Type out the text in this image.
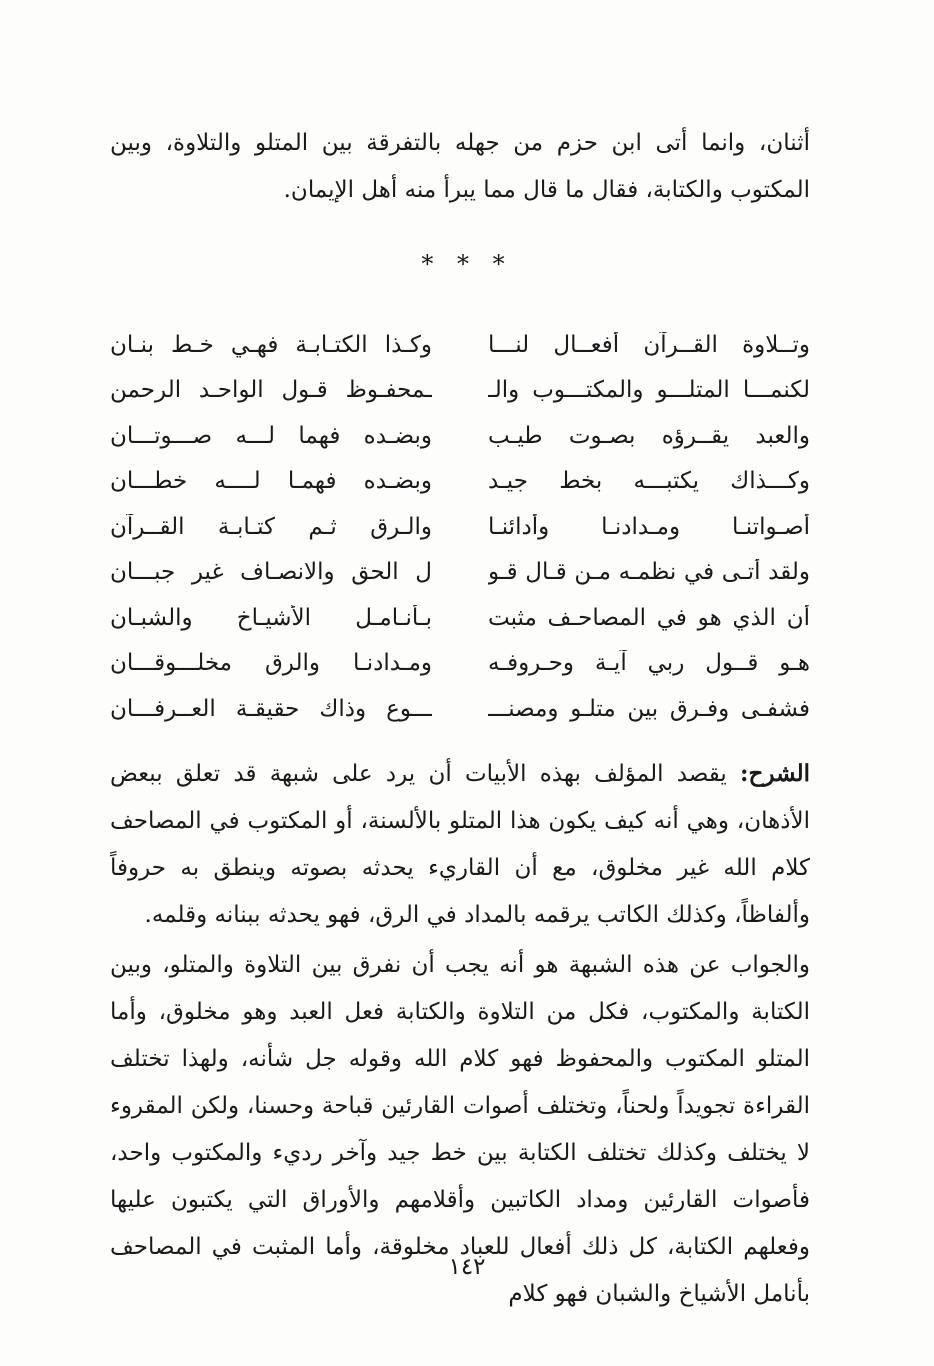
أثنان، وانما أتى ابن حزم من جهله بالتفرقة بين المتلو والتلاوة، وبين المكتوب والكتابة، فقال ما قال مما يبرأ منه أهل الإيمان.
* * *
وتــلاوة القــرآن أفعــال لنـــا
وكـذا الكتـابـة فهـي خـط بنـان
لكنمـــا المتلـــو والمكتـــوب والـ
ـمحفـوظ قـول الواحـد الرحمن
والعبد يقــرؤه بصـوت طيـب
وبضـده فهما لـــه صـــوتـــان
وكـــذاك يكتبـــه بخط جيـد
وبضـده فهمـا لــــه خطـــان
أصـواتنـا ومـدادنـا وأدائنـا
والـرق ثـم كتـابـة القــرآن
ولقد أتـى في نظمـه مـن قـال قـو
ل الحق والانصـاف غير جبـــان
أن الذي هو في المصاحـف مثبت
بـأنـامـل الأشيـاخ والشبـان
هـو قــول ربي آيـة وحـروفـه
ومـدادنـا والرق مخلـــوقـــان
فشفـى وفـرق بين متلـو ومصنـــ
ـــوع وذاك حقيقـة العــرفـــان
الشرح: يقصد المؤلف بهذه الأبيات أن يرد على شبهة قد تعلق ببعض الأذهان، وهي أنه كيف يكون هذا المتلو بالألسنة، أو المكتوب في المصاحف كلام الله غير مخلوق، مع أن القاريء يحدثه بصوته وينطق به حروفاً وألفاظاً، وكذلك الكاتب يرقمه بالمداد في الرق، فهو يحدثه ببنانه وقلمه.
والجواب عن هذه الشبهة هو أنه يجب أن نفرق بين التلاوة والمتلو، وبين الكتابة والمكتوب، فكل من التلاوة والكتابة فعل العبد وهو مخلوق، وأما المتلو المكتوب والمحفوظ فهو كلام الله وقوله جل شأنه، ولهذا تختلف القراءة تجويداً ولحناً، وتختلف أصوات القارئين قباحة وحسنا، ولكن المقروء لا يختلف وكذلك تختلف الكتابة بين خط جيد وآخر رديء والمكتوب واحد، فأصوات القارئين ومداد الكاتبين وأقلامهم والأوراق التي يكتبون عليها وفعلهم الكتابة، كل ذلك أفعال للعباد مخلوقة، وأما المثبت في المصاحف بأنامل الأشياخ والشبان فهو كلام
١٤٢
